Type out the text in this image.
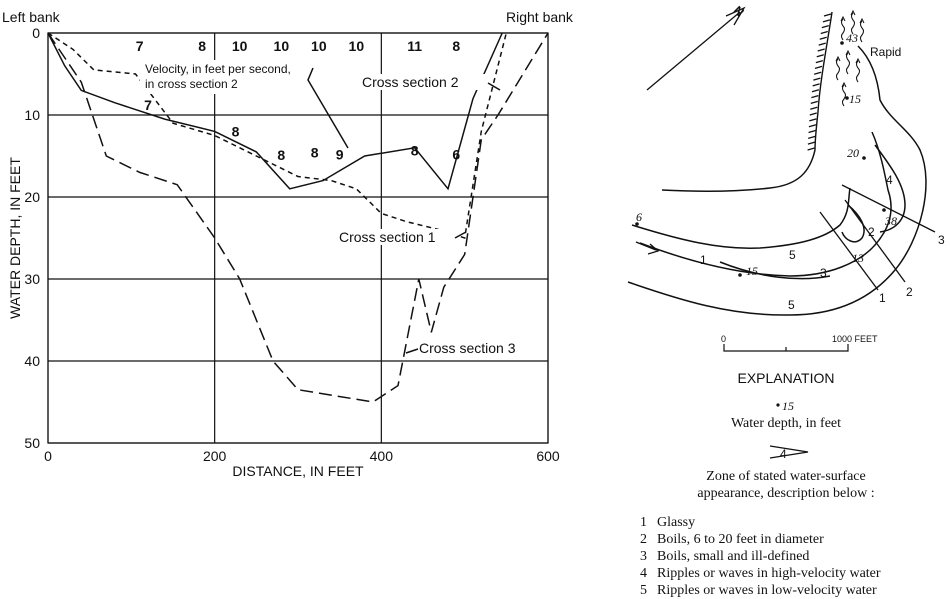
Left bank	Right bank
0
10
20
30
40
50
0	200	400	600
WATER DEPTH, IN FEET
DISTANCE, IN FEET
7	8 10 10 10 10	11 8
7
8
8 8 9	8 6
Velocity, in feet per second,
in cross section 2	Cross section 2
Cross section 1
Cross section 3
N
43
15
20
38
6
15
13
Rapid
4
2
5
3
1
5	1 2
3
0	1000 FEET
EXPLANATION
15
Water depth, in feet
4
Zone of stated water-surface
appearance, description below :
1 Glassy
2 Boils, 6 to 20 feet in diameter
3 Boils, small and ill-defined
4 Ripples or waves in high-velocity water
5 Ripples or waves in low-velocity water
